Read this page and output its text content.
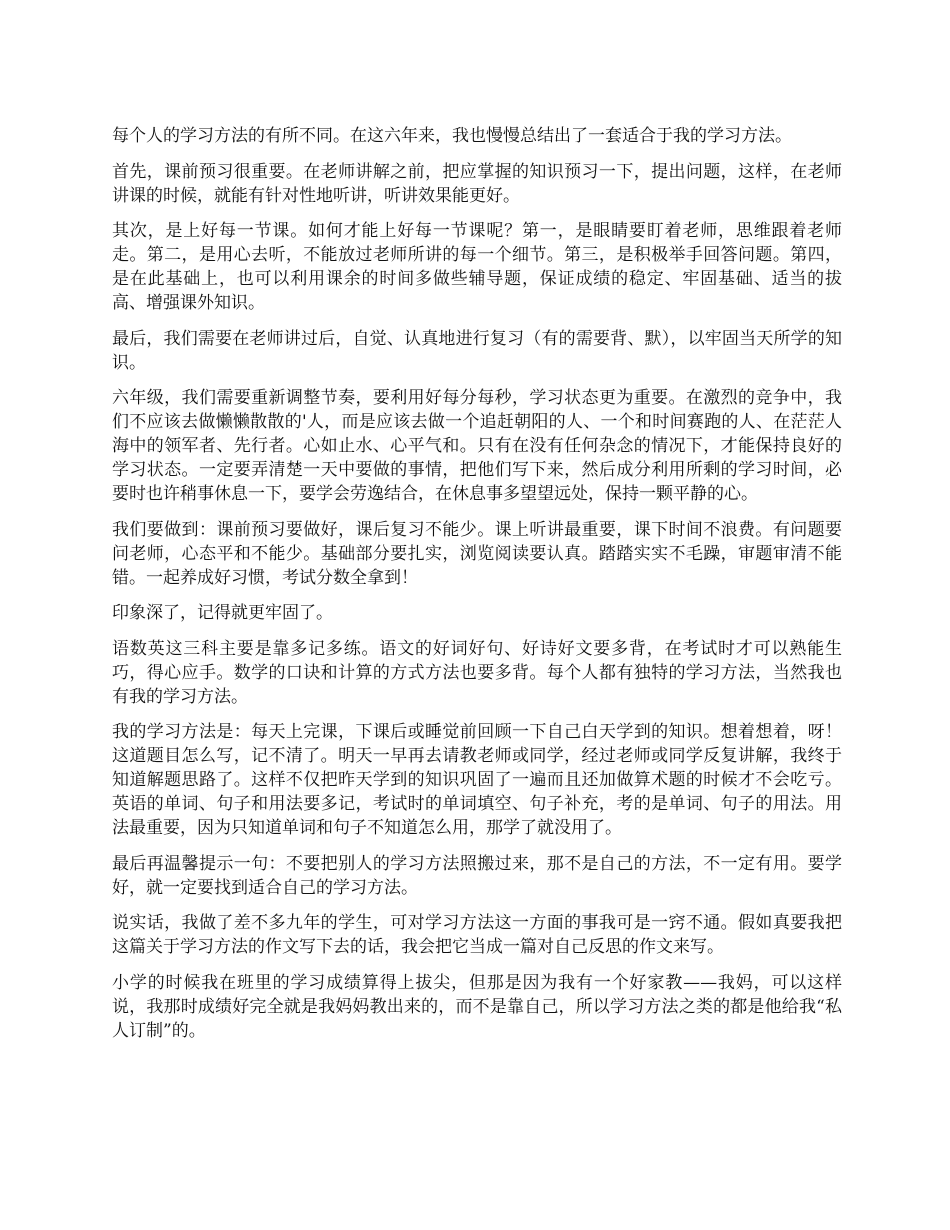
每个人的学习方法的有所不同。在这六年来，我也慢慢总结出了一套适合于我的学习方法。

首先，课前预习很重要。在老师讲解之前，把应掌握的知识预习一下，提出问题，这样，在老师讲课的时候，就能有针对性地听讲，听讲效果能更好。

其次，是上好每一节课。如何才能上好每一节课呢？第一，是眼睛要盯着老师，思维跟着老师走。第二，是用心去听，不能放过老师所讲的每一个细节。第三，是积极举手回答问题。第四，是在此基础上，也可以利用课余的时间多做些辅导题，保证成绩的稳定、牢固基础、适当的拔高、增强课外知识。

最后，我们需要在老师讲过后，自觉、认真地进行复习（有的需要背、默），以牢固当天所学的知识。

六年级，我们需要重新调整节奏，要利用好每分每秒，学习状态更为重要。在激烈的竞争中，我们不应该去做懒懒散散的'人，而是应该去做一个追赶朝阳的人、一个和时间赛跑的人、在茫茫人海中的领军者、先行者。心如止水、心平气和。只有在没有任何杂念的情况下，才能保持良好的学习状态。一定要弄清楚一天中要做的事情，把他们写下来，然后成分利用所剩的学习时间，必要时也许稍事休息一下，要学会劳逸结合，在休息事多望望远处，保持一颗平静的心。

我们要做到：课前预习要做好，课后复习不能少。课上听讲最重要，课下时间不浪费。有问题要问老师，心态平和不能少。基础部分要扎实，浏览阅读要认真。踏踏实实不毛躁，审题审清不能错。一起养成好习惯，考试分数全拿到！

印象深了，记得就更牢固了。

语数英这三科主要是靠多记多练。语文的好词好句、好诗好文要多背，在考试时才可以熟能生巧，得心应手。数学的口诀和计算的方式方法也要多背。每个人都有独特的学习方法，当然我也有我的学习方法。

我的学习方法是：每天上完课，下课后或睡觉前回顾一下自己白天学到的知识。想着想着，呀！这道题目怎么写，记不清了。明天一早再去请教老师或同学，经过老师或同学反复讲解，我终于知道解题思路了。这样不仅把昨天学到的知识巩固了一遍而且还加做算术题的时候才不会吃亏。英语的单词、句子和用法要多记，考试时的单词填空、句子补充，考的是单词、句子的用法。用法最重要，因为只知道单词和句子不知道怎么用，那学了就没用了。

最后再温馨提示一句：不要把别人的学习方法照搬过来，那不是自己的方法，不一定有用。要学好，就一定要找到适合自己的学习方法。

说实话，我做了差不多九年的学生，可对学习方法这一方面的事我可是一窍不通。假如真要我把这篇关于学习方法的作文写下去的话，我会把它当成一篇对自己反思的作文来写。

小学的时候我在班里的学习成绩算得上拔尖，但那是因为我有一个好家教——我妈，可以这样说，我那时成绩好完全就是我妈妈教出来的，而不是靠自己，所以学习方法之类的都是他给我“私人订制”的。
